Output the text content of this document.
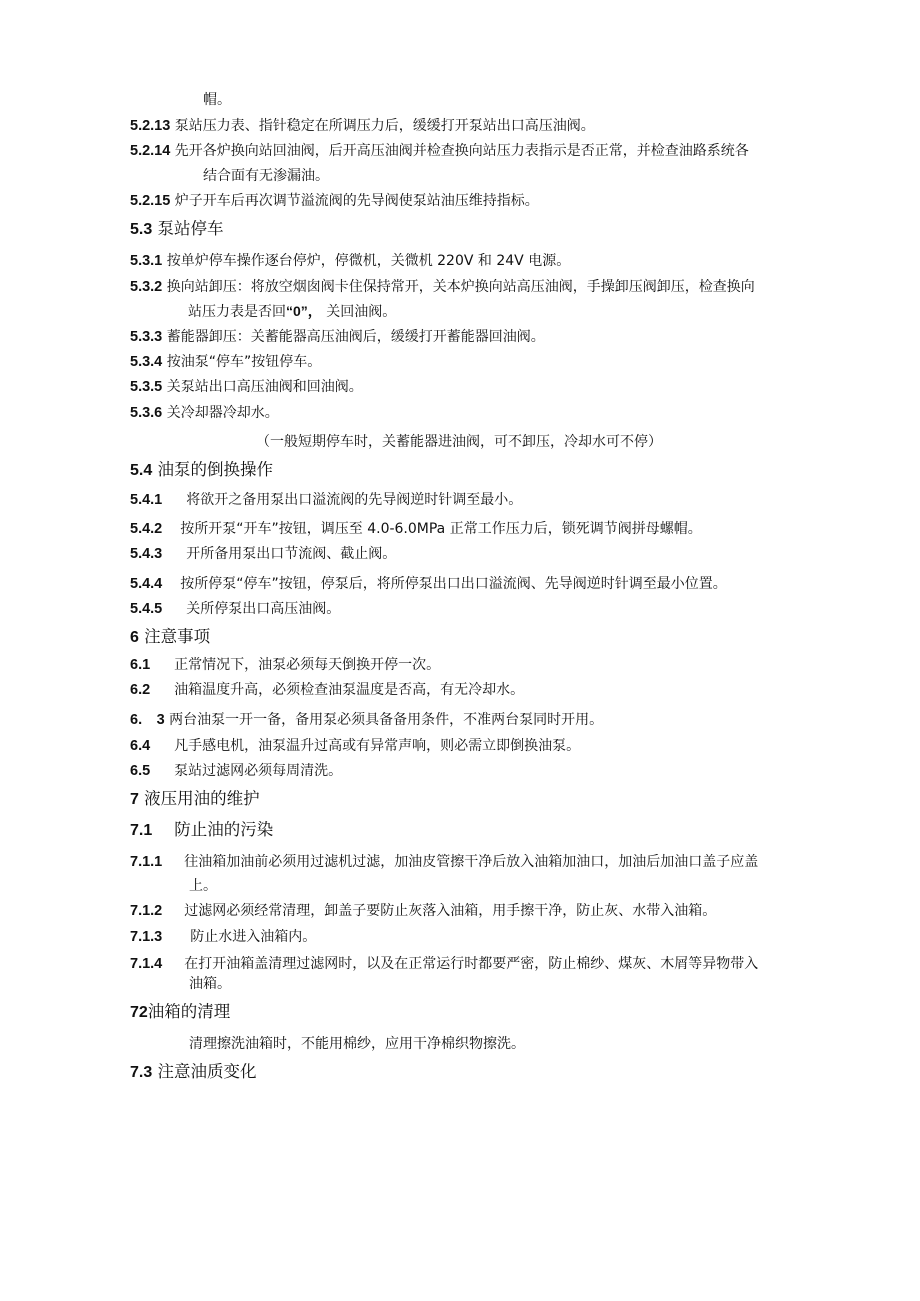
帽。
5.2.13 泵站压力表、指针稳定在所调压力后，缓缓打开泵站出口高压油阀。
5.2.14 先开各炉换向站回油阀，后开高压油阀并检查换向站压力表指示是否正常，并检查油路系统各
结合面有无渗漏油。
5.2.15 炉子开车后再次调节溢流阀的先导阀使泵站油压维持指标。
5.3 泵站停车
5.3.1 按单炉停车操作逐台停炉，停微机，关微机 220V 和 24V 电源。
5.3.2 换向站卸压：将放空烟囱阀卡住保持常开，关本炉换向站高压油阀，手操卸压阀卸压，检查换向
站压力表是否回“0”， 关回油阀。
5.3.3 蓄能器卸压：关蓄能器高压油阀后，缓缓打开蓄能器回油阀。
5.3.4 按油泵“停车”按钮停车。
5.3.5 关泵站出口高压油阀和回油阀。
5.3.6 关冷却器冷却水。
（一般短期停车时，关蓄能器进油阀，可不卸压，冷却水可不停）
5.4 油泵的倒换操作
5.4.1 将欲开之备用泵出口溢流阀的先导阀逆时针调至最小。
5.4.2 按所开泵“开车”按钮，调压至 4.0-6.0MPa 正常工作压力后，锁死调节阀拼母螺帽。
5.4.3 开所备用泵出口节流阀、截止阀。
5.4.4 按所停泵“停车”按钮，停泵后，将所停泵出口出口溢流阀、先导阀逆时针调至最小位置。
5.4.5 关所停泵出口高压油阀。
6 注意事项
6.1 正常情况下，油泵必须每天倒换开停一次。
6.2 油箱温度升高，必须检查油泵温度是否高，有无冷却水。
6.　3 两台油泵一开一备，备用泵必须具备备用条件，不准两台泵同时开用。
6.4 凡手感电机，油泵温升过高或有异常声响，则必需立即倒换油泵。
6.5 泵站过滤网必须每周清洗。
7 液压用油的维护
7.1 防止油的污染
7.1.1 往油箱加油前必须用过滤机过滤，加油皮管擦干净后放入油箱加油口，加油后加油口盖子应盖
上。
7.1.2 过滤网必须经常清理，卸盖子要防止灰落入油箱，用手擦干净，防止灰、水带入油箱。
7.1.3 防止水进入油箱内。
7.1.4 在打开油箱盖清理过滤网时，以及在正常运行时都要严密，防止棉纱、煤灰、木屑等异物带入
油箱。
72油箱的清理
清理擦洗油箱时，不能用棉纱，应用干净棉织物擦洗。
7.3 注意油质变化
